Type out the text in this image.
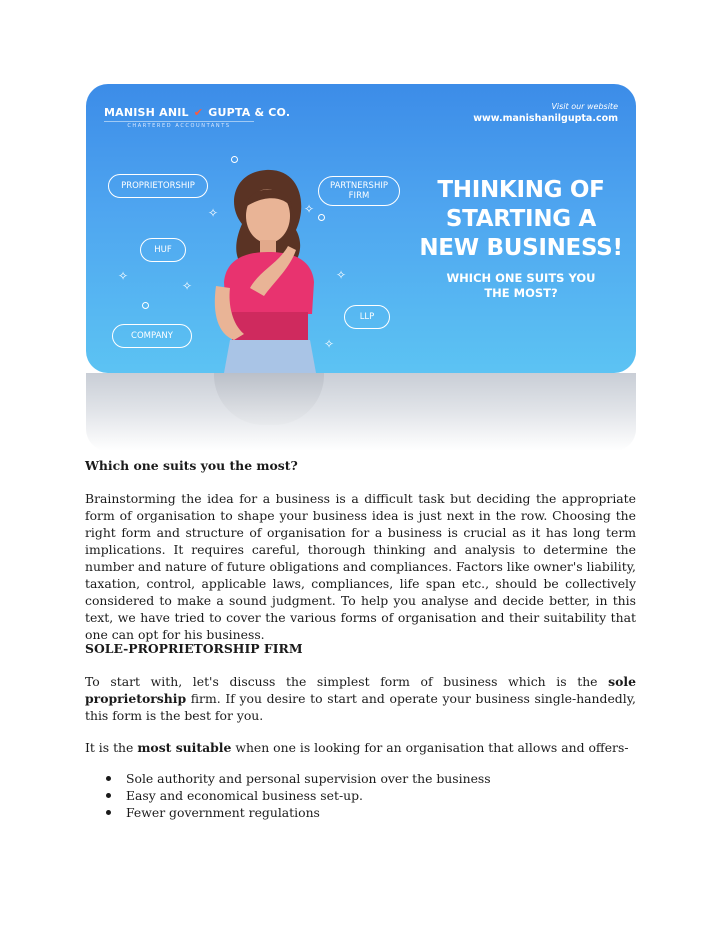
MANISH ANIL ✔ GUPTA & CO.
CHARTERED ACCOUNTANTS
Visit our website
www.manishanilgupta.com
PROPRIETORSHIP	PARTNERSHIP
FIRM
HUF
LLP
COMPANY
✧
✧
✧
✧
✧
✧
THINKING OF
STARTING A
NEW BUSINESS!
WHICH ONE SUITS YOU
THE MOST?
Which one suits you the most?
Brainstorming the idea for a business is a difficult task but deciding the appropriate form of organisation to shape your business idea is just next in the row. Choosing the right form and structure of organisation for a business is crucial as it has long term implications. It requires careful, thorough thinking and analysis to determine the number and nature of future obligations and compliances. Factors like owner's liability, taxation, control, applicable laws, compliances, life span etc., should be collectively considered to make a sound judgment. To help you analyse and decide better, in this text, we have tried to cover the various forms of organisation and their suitability that one can opt for his business.
SOLE-PROPRIETORSHIP FIRM
To start with, let's discuss the simplest form of business which is the sole proprietorship firm. If you desire to start and operate your business single-handedly, this form is the best for you.
It is the most suitable when one is looking for an organisation that allows and offers-
Sole authority and personal supervision over the business
Easy and economical business set-up.
Fewer government regulations
